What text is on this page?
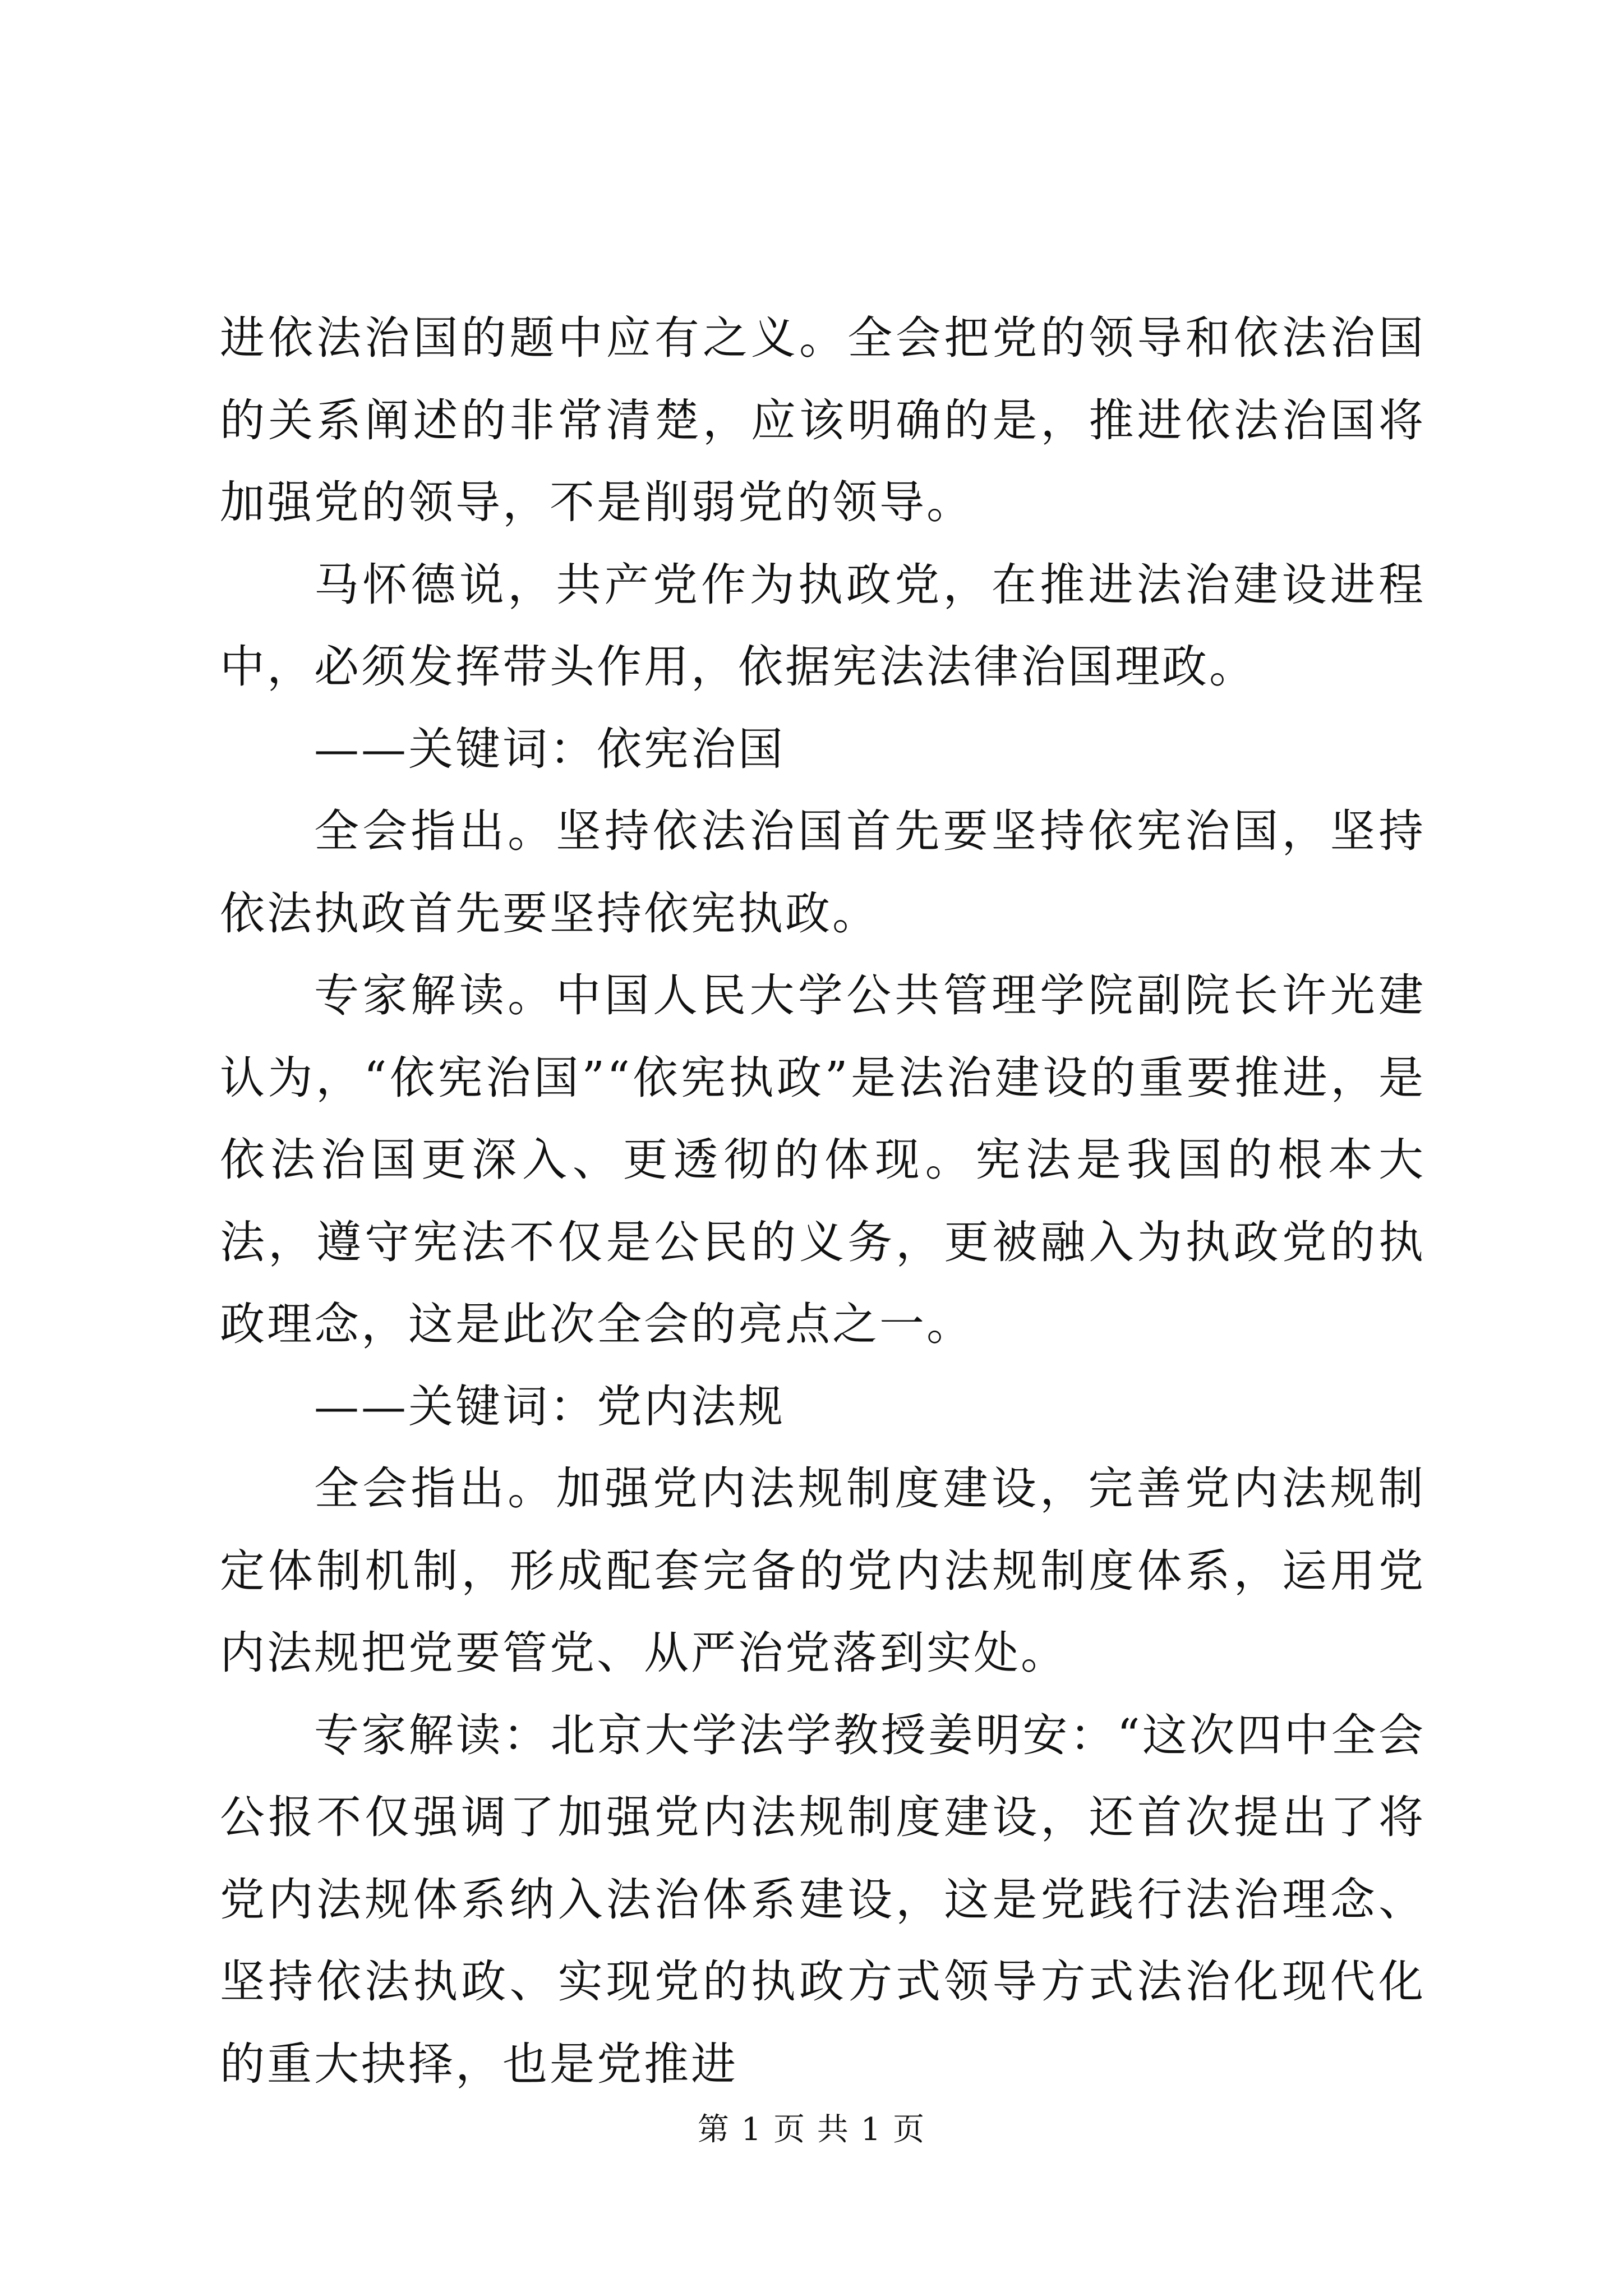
进依法治国的题中应有之义。全会把党的领导和依法治国的关系阐述的非常清楚，应该明确的是，推进依法治国将加强党的领导，不是削弱党的领导。

马怀德说，共产党作为执政党，在推进法治建设进程中，必须发挥带头作用，依据宪法法律治国理政。

——关键词：依宪治国

全会指出。坚持依法治国首先要坚持依宪治国，坚持依法执政首先要坚持依宪执政。

专家解读。中国人民大学公共管理学院副院长许光建认为，“依宪治国”“依宪执政”是法治建设的重要推进，是依法治国更深入、更透彻的体现。宪法是我国的根本大法，遵守宪法不仅是公民的义务，更被融入为执政党的执政理念，这是此次全会的亮点之一。

——关键词：党内法规

全会指出。加强党内法规制度建设，完善党内法规制定体制机制，形成配套完备的党内法规制度体系，运用党内法规把党要管党、从严治党落到实处。

专家解读：北京大学法学教授姜明安：“这次四中全会公报不仅强调了加强党内法规制度建设，还首次提出了将党内法规体系纳入法治体系建设，这是党践行法治理念、坚持依法执政、实现党的执政方式领导方式法治化现代化的重大抉择，也是党推进

第 1 页 共 1 页
